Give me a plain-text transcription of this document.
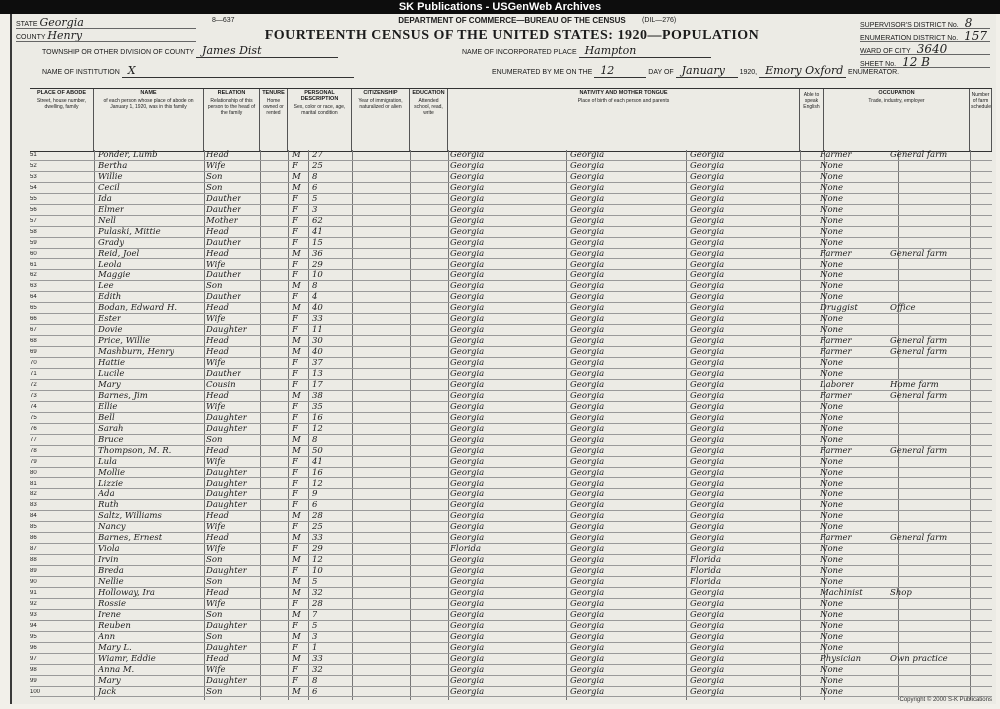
SK Publications - USGenWeb Archives
STATE Georgia
COUNTY Henry
8—637	DEPARTMENT OF COMMERCE—BUREAU OF THE CENSUS
FOURTEENTH CENSUS OF THE UNITED STATES: 1920—POPULATION
(DIL—276)
SUPERVISOR'S DISTRICT No. 8
ENUMERATION DISTRICT No. 157
WARD OF CITY 3640
SHEET No. 12 B
TOWNSHIP OR OTHER DIVISION OF COUNTY James Dist	NAME OF INCORPORATED PLACE Hampton
NAME OF INSTITUTION X	ENUMERATED BY ME ON THE 12	DAY OF January 1920, Emory Oxford ENUMERATOR.
PLACE OF ABODE
Street, house number, dwelling, family
NAME
of each person whose place of abode on January 1, 1920, was in this family
RELATION
Relationship of this person to the head of the family
TENURE
Home owned or rented
PERSONAL DESCRIPTION
Sex, color or race, age, marital condition
CITIZENSHIP
Year of immigration, naturalized or alien
EDUCATION
Attended school, read, write
NATIVITY AND MOTHER TONGUE
Place of birth of each person and parents
Able to speak English
OCCUPATION
Trade, industry, employer
Number of farm schedule
51	Ponder, Lumb	Head	M 27	Georgia	Georgia	Georgia	Farmer	General farm
52	Bertha	Wife	F 25	Georgia	Georgia	Georgia	None
53	Willie	Son	M 8	Georgia	Georgia	Georgia	None
54	Cecil	Son	M 6	Georgia	Georgia	Georgia	None
55	Ida	Dauther	F 5	Georgia	Georgia	Georgia	None
56	Elmer	Dauther	F 3	Georgia	Georgia	Georgia	None
57	Nell	Mother	F 62	Georgia	Georgia	Georgia	None
58	Pulaski, Mittie	Head	F 41	Georgia	Georgia	Georgia	None
59	Grady	Dauther	F 15	Georgia	Georgia	Georgia	None
60	Reid, Joel	Head	M 36	Georgia	Georgia	Georgia	Farmer	General farm
61	Leola	Wife	F 29	Georgia	Georgia	Georgia	None
62	Maggie	Dauther	F 10	Georgia	Georgia	Georgia	None
63	Lee	Son	M 8	Georgia	Georgia	Georgia	None
64	Edith	Dauther	F 4	Georgia	Georgia	Georgia	None
65	Bodan, Edward H.	Head	M 40	Georgia	Georgia	Georgia	Druggist	Office
66	Ester	Wife	F 33	Georgia	Georgia	Georgia	None
67	Dovie	Daughter	F 11	Georgia	Georgia	Georgia	None
68	Price, Willie	Head	M 30	Georgia	Georgia	Georgia	Farmer	General farm
69	Mashburn, Henry	Head	M 40	Georgia	Georgia	Georgia	Farmer	General farm
70	Hattie	Wife	F 37	Georgia	Georgia	Georgia	None
71	Lucile	Dauther	F 13	Georgia	Georgia	Georgia	None
72	Mary	Cousin	F 17	Georgia	Georgia	Georgia	Laborer	Home farm
73	Barnes, Jim	Head	M 38	Georgia	Georgia	Georgia	Farmer	General farm
74	Ellie	Wife	F 35	Georgia	Georgia	Georgia	None
75	Bell	Daughter	F 16	Georgia	Georgia	Georgia	None
76	Sarah	Daughter	F 12	Georgia	Georgia	Georgia	None
77	Bruce	Son	M 8	Georgia	Georgia	Georgia	None
78	Thompson, M. R.	Head	M 50	Georgia	Georgia	Georgia	Farmer	General farm
79	Lula	Wife	F 41	Georgia	Georgia	Georgia	None
80	Mollie	Daughter	F 16	Georgia	Georgia	Georgia	None
81	Lizzie	Daughter	F 12	Georgia	Georgia	Georgia	None
82	Ada	Daughter	F 9	Georgia	Georgia	Georgia	None
83	Ruth	Daughter	F 6	Georgia	Georgia	Georgia	None
84	Saltz, Williams	Head	M 28	Georgia	Georgia	Georgia	None
85	Nancy	Wife	F 25	Georgia	Georgia	Georgia	None
86	Barnes, Ernest	Head	M 33	Georgia	Georgia	Georgia	Farmer	General farm
87	Viola	Wife	F 29	Florida	Georgia	Georgia	None
88	Irvin	Son	M 12	Georgia	Georgia	Florida	None
89	Breda	Daughter	F 10	Georgia	Georgia	Florida	None
90	Nellie	Son	M 5	Georgia	Georgia	Florida	None
91	Holloway, Ira	Head	M 32	Georgia	Georgia	Georgia	Machinist	Shop
92	Rossie	Wife	F 28	Georgia	Georgia	Georgia	None
93	Irene	Son	M 7	Georgia	Georgia	Georgia	None
94	Reuben	Daughter	F 5	Georgia	Georgia	Georgia	None
95	Ann	Son	M 3	Georgia	Georgia	Georgia	None
96	Mary L.	Daughter	F 1	Georgia	Georgia	Georgia	None
97	Wiamr, Eddie	Head	M 33	Georgia	Georgia	Georgia	Physician	Own practice
98	Anna M.	Wife	F 32	Georgia	Georgia	Georgia	None
99	Mary	Daughter	F 8	Georgia	Georgia	Georgia	None
100	Jack	Son	M 6	Georgia	Georgia	Georgia	None
Copyright © 2000 S-K Publications
